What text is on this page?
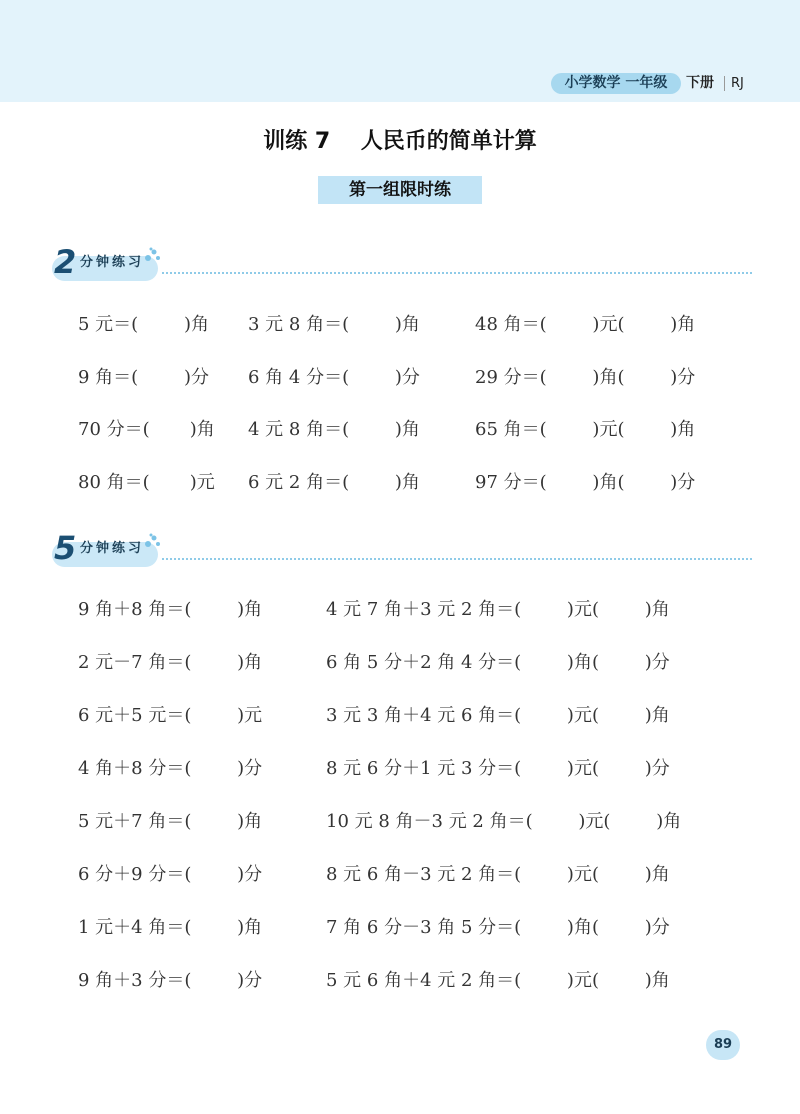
小学数学 一年级	下册 RJ
训练 7    人民币的简单计算
第一组限时练
2 分钟练习
5 元＝(        )角 3 元 8 角＝(        )角	48 角＝(        )元(        )角
9 角＝(        )分 6 角 4 分＝(        )分	29 分＝(        )角(        )分
70 分＝(       )角 4 元 8 角＝(        )角	65 角＝(        )元(        )角
80 角＝(       )元 6 元 2 角＝(        )角	97 分＝(        )角(        )分
5 分钟练习
9 角＋8 角＝(        )角	4 元 7 角＋3 元 2 角＝(        )元(        )角
2 元－7 角＝(        )角	6 角 5 分＋2 角 4 分＝(        )角(        )分
6 元＋5 元＝(        )元	3 元 3 角＋4 元 6 角＝(        )元(        )角
4 角＋8 分＝(        )分	8 元 6 分＋1 元 3 分＝(        )元(        )分
5 元＋7 角＝(        )角	10 元 8 角－3 元 2 角＝(        )元(        )角
6 分＋9 分＝(        )分	8 元 6 角－3 元 2 角＝(        )元(        )角
1 元＋4 角＝(        )角	7 角 6 分－3 角 5 分＝(        )角(        )分
9 角＋3 分＝(        )分	5 元 6 角＋4 元 2 角＝(        )元(        )角
89
